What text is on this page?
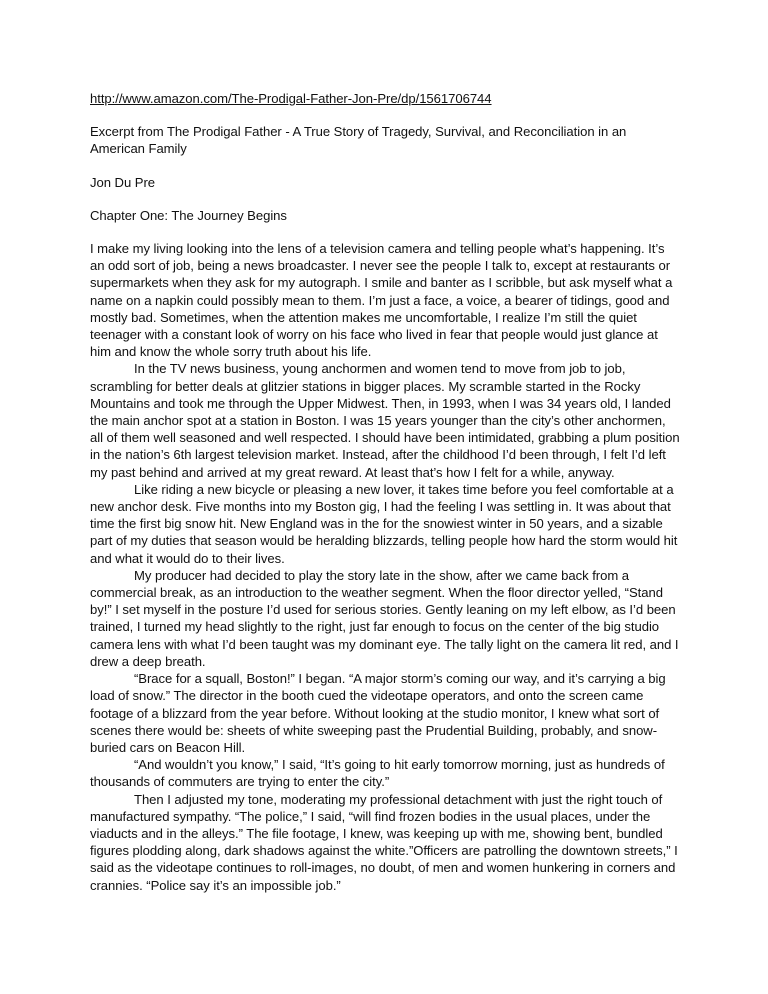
http://www.amazon.com/The-Prodigal-Father-Jon-Pre/dp/1561706744
Excerpt from The Prodigal Father - A True Story of Tragedy, Survival, and Reconciliation in an American Family
Jon Du Pre
Chapter One: The Journey Begins

I make my living looking into the lens of a television camera and telling people what’s happening. It’s an odd sort of job, being a news broadcaster. I never see the people I talk to, except at restaurants or supermarkets when they ask for my autograph. I smile and banter as I scribble, but ask myself what a name on a napkin could possibly mean to them. I’m just a face, a voice, a bearer of tidings, good and mostly bad. Sometimes, when the attention makes me uncomfortable, I realize I’m still the quiet teenager with a constant look of worry on his face who lived in fear that people would just glance at him and know the whole sorry truth about his life.

In the TV news business, young anchormen and women tend to move from job to job, scrambling for better deals at glitzier stations in bigger places. My scramble started in the Rocky Mountains and took me through the Upper Midwest. Then, in 1993, when I was 34 years old, I landed the main anchor spot at a station in Boston. I was 15 years younger than the city’s other anchormen, all of them well seasoned and well respected. I should have been intimidated, grabbing a plum position in the nation’s 6th largest television market. Instead, after the childhood I’d been through, I felt I’d left my past behind and arrived at my great reward. At least that’s how I felt for a while, anyway.

Like riding a new bicycle or pleasing a new lover, it takes time before you feel comfortable at a new anchor desk. Five months into my Boston gig, I had the feeling I was settling in. It was about that time the first big snow hit. New England was in the for the snowiest winter in 50 years, and a sizable part of my duties that season would be heralding blizzards, telling people how hard the storm would hit and what it would do to their lives.

My producer had decided to play the story late in the show, after we came back from a commercial break, as an introduction to the weather segment. When the floor director yelled, “Stand by!” I set myself in the posture I’d used for serious stories. Gently leaning on my left elbow, as I’d been trained, I turned my head slightly to the right, just far enough to focus on the center of the big studio camera lens with what I’d been taught was my dominant eye. The tally light on the camera lit red, and I drew a deep breath.

“Brace for a squall, Boston!” I began. “A major storm’s coming our way, and it’s carrying a big load of snow.” The director in the booth cued the videotape operators, and onto the screen came footage of a blizzard from the year before. Without looking at the studio monitor, I knew what sort of scenes there would be: sheets of white sweeping past the Prudential Building, probably, and snow-buried cars on Beacon Hill.

“And wouldn’t you know,” I said, “It’s going to hit early tomorrow morning, just as hundreds of thousands of commuters are trying to enter the city.”

Then I adjusted my tone, moderating my professional detachment with just the right touch of manufactured sympathy. “The police,” I said, “will find frozen bodies in the usual places, under the viaducts and in the alleys.” The file footage, I knew, was keeping up with me, showing bent, bundled figures plodding along, dark shadows against the white.”Officers are patrolling the downtown streets,” I said as the videotape continues to roll-images, no doubt, of men and women hunkering in corners and crannies. “Police say it’s an impossible job.”
